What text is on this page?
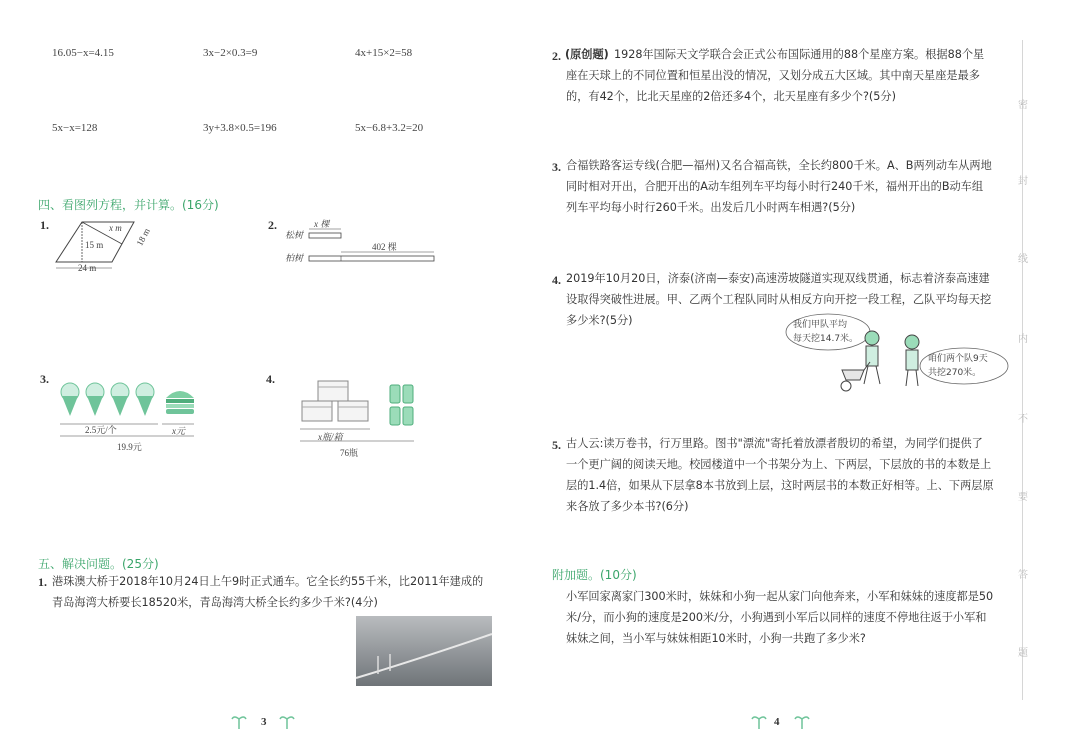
16.05−x=4.15	3x−2×0.3=9	4x+15×2=58
5x−x=128	3y+3.8×0.5=196	5x−6.8+3.2=20
四、看图列方程，并计算。(16分)
1.	x m
15 m	18 m
24 m
2.
松树
柏树
x 棵
402 棵
3.
2.5元/个	x元
19.9元
4.
x瓶/箱
76瓶
五、解决问题。(25分)
1. 港珠澳大桥于2018年10月24日上午9时正式通车。它全长约55千米，比2011年建成的
青岛海湾大桥要长18520米，青岛海湾大桥全长约多少千米?(4分)
3
2. (原创题) 1928年国际天文学联合会正式公布国际通用的88个星座方案。根据88个星
座在天球上的不同位置和恒星出没的情况，又划分成五大区域。其中南天星座是最多
的，有42个，比北天星座的2倍还多4个，北天星座有多少个?(5分)
3. 合福铁路客运专线(合肥—福州)又名合福高铁，全长约800千米。A、B两列动车从两地
同时相对开出，合肥开出的A动车组列车平均每小时行240千米，福州开出的B动车组
列车平均每小时行260千米。出发后几小时两车相遇?(5分)
4. 2019年10月20日，济泰(济南—泰安)高速涝坡隧道实现双线贯通，标志着济泰高速建
设取得突破性进展。甲、乙两个工程队同时从相反方向开挖一段工程，乙队平均每天挖
多少米?(5分)	我们甲队平均
每天挖14.7米。
咱们两个队9天
共挖270米。
5. 古人云:读万卷书，行万里路。图书"漂流"寄托着放漂者殷切的希望，为同学们提供了
一个更广阔的阅读天地。校园楼道中一个书架分为上、下两层，下层放的书的本数是上
层的1.4倍，如果从下层拿8本书放到上层，这时两层书的本数正好相等。上、下两层原
来各放了多少本书?(6分)
附加题。(10分)
小军回家离家门300米时，妹妹和小狗一起从家门向他奔来，小军和妹妹的速度都是50
米/分，而小狗的速度是200米/分，小狗遇到小军后以同样的速度不停地往返于小军和
妹妹之间，当小军与妹妹相距10米时，小狗一共跑了多少米?
密
封
线
内
不
要
答
题
4
